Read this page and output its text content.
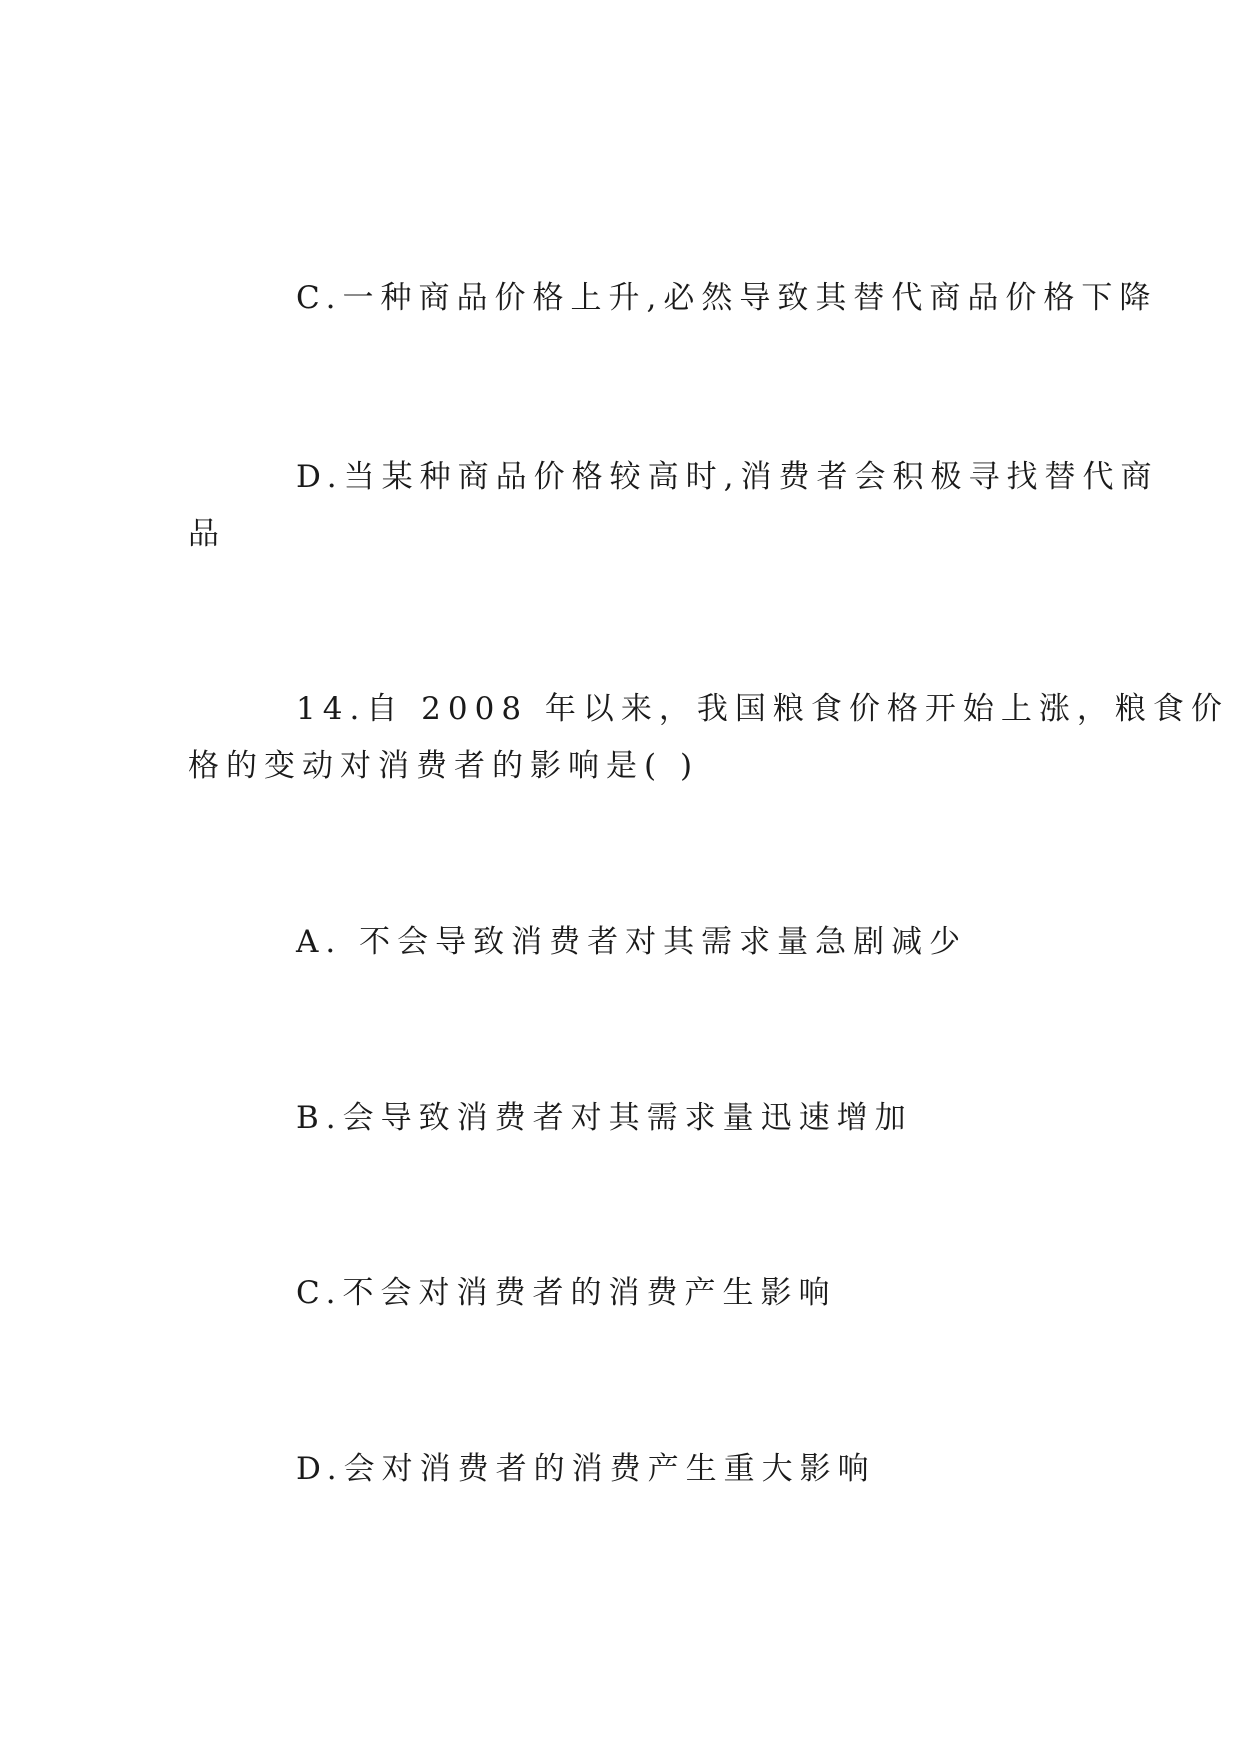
C.一种商品价格上升,必然导致其替代商品价格下降
D.当某种商品价格较高时,消费者会积极寻找替代商
品
14.自 2008 年以来，我国粮食价格开始上涨，粮食价
格的变动对消费者的影响是( )
A. 不会导致消费者对其需求量急剧减少
B.会导致消费者对其需求量迅速增加
C.不会对消费者的消费产生影响
D.会对消费者的消费产生重大影响
